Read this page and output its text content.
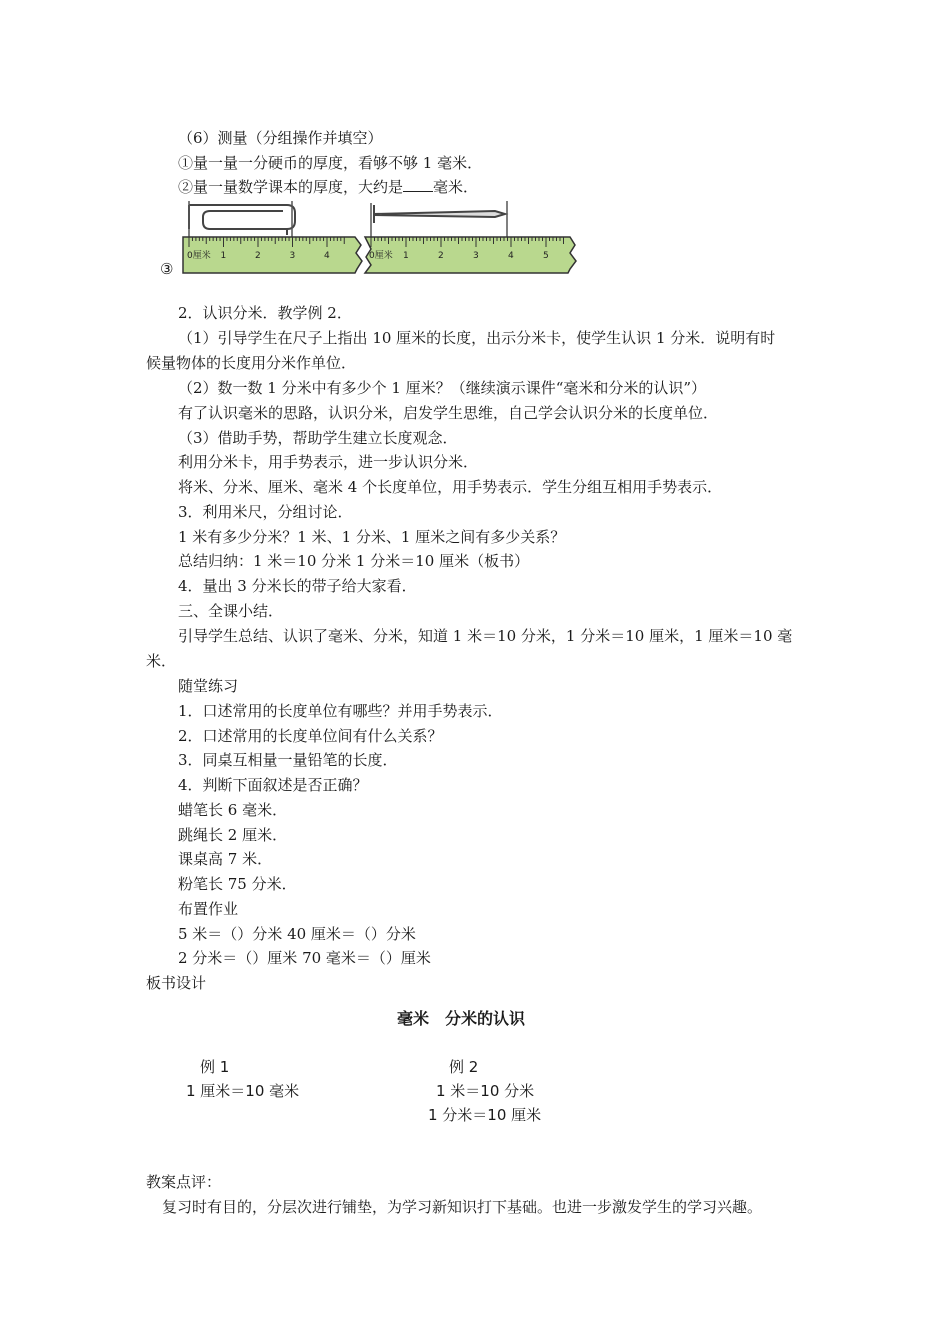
（6）测量（分组操作并填空）
①量一量一分硬币的厚度，看够不够 1 毫米．
②量一量数学课本的厚度，大约是 毫米．
0厘米 1	2	3	4	0厘米 1	2	3	4	5
③
2．认识分米．教学例 2．
（1）引导学生在尺子上指出 10 厘米的长度，出示分米卡，使学生认识 1 分米．说明有时
候量物体的长度用分米作单位．
（2）数一数 1 分米中有多少个 1 厘米？（继续演示课件“毫米和分米的认识”）
有了认识毫米的思路，认识分米，启发学生思维，自己学会认识分米的长度单位．
（3）借助手势，帮助学生建立长度观念．
利用分米卡，用手势表示，进一步认识分米．
将米、分米、厘米、毫米 4 个长度单位，用手势表示．学生分组互相用手势表示．
3．利用米尺，分组讨论．
1 米有多少分米？1 米、1 分米、1 厘米之间有多少关系？
总结归纳：1 米＝10 分米 1 分米＝10 厘米（板书）
4．量出 3 分米长的带子给大家看．
三、全课小结．
引导学生总结、认识了毫米、分米，知道 1 米＝10 分米，1 分米＝10 厘米，1 厘米＝10 毫
米．
随堂练习
1．口述常用的长度单位有哪些？并用手势表示．
2．口述常用的长度单位间有什么关系？
3．同桌互相量一量铅笔的长度．
4．判断下面叙述是否正确？
蜡笔长 6 毫米．
跳绳长 2 厘米．
课桌高 7 米．
粉笔长 75 分米．
布置作业
5 米＝（）分米 40 厘米＝（）分米
2 分米＝（）厘米 70 毫米＝（）厘米
板书设计
毫米　分米的认识
例 1
1 厘米＝10 毫米
例 2
1 米＝10 分米
1 分米＝10 厘米
教案点评：
复习时有目的，分层次进行铺垫，为学习新知识打下基础。也进一步激发学生的学习兴趣。
